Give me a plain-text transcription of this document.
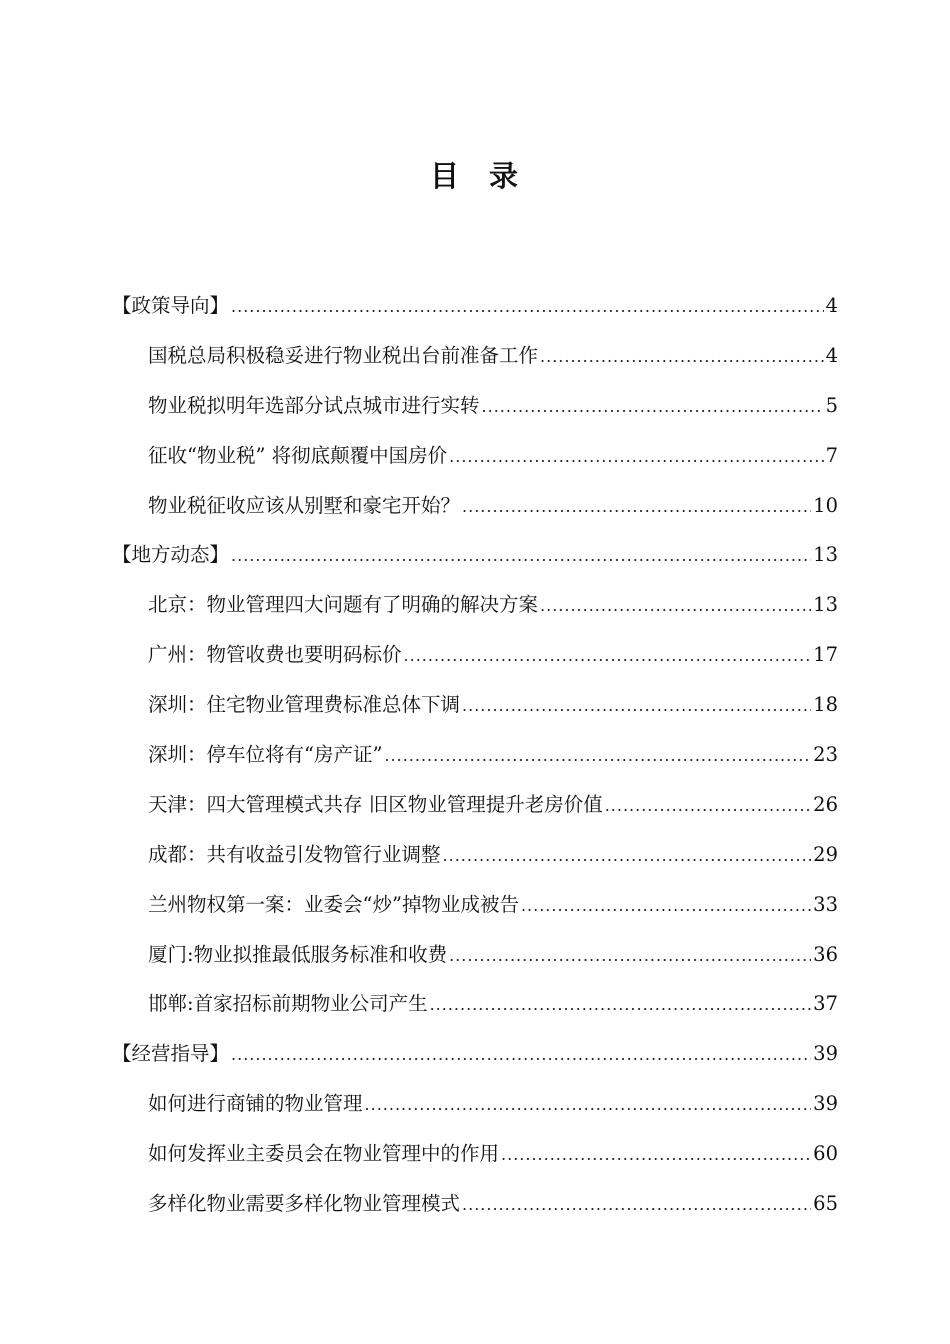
目 录
【政策导向】 .....	4
国税总局积极稳妥进行物业税出台前准备工作 .....	4
物业税拟明年选部分试点城市进行实转 .....	5
征收“物业税” 将彻底颠覆中国房价 .....	7
物业税征收应该从别墅和豪宅开始？ .....	10
【地方动态】 .....	13
北京：物业管理四大问题有了明确的解决方案 .....	13
广州：物管收费也要明码标价 .....	17
深圳：住宅物业管理费标准总体下调 .....	18
深圳：停车位将有“房产证” .....	23
天津：四大管理模式共存 旧区物业管理提升老房价值 .....	26
成都：共有收益引发物管行业调整 .....	29
兰州物权第一案：业委会“炒”掉物业成被告 .....	33
厦门:物业拟推最低服务标准和收费 .....	36
邯郸:首家招标前期物业公司产生 .....	37
【经营指导】 .....	39
如何进行商铺的物业管理 .....	39
如何发挥业主委员会在物业管理中的作用 .....	60
多样化物业需要多样化物业管理模式 .....	65
